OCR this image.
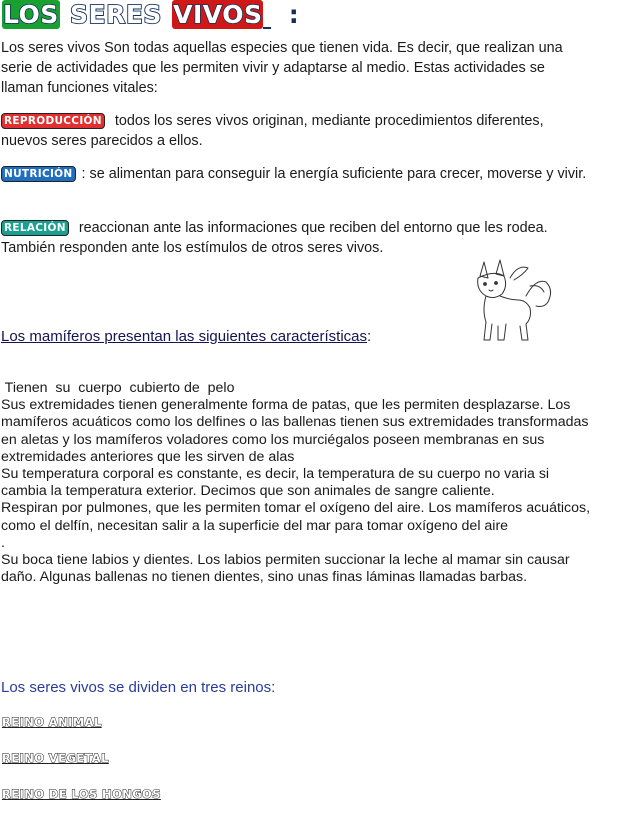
LOS SERES VIVOS :

Los seres vivos Son todas aquellas especies que tienen vida. Es decir, que realizan una serie de actividades que les permiten vivir y adaptarse al medio. Estas actividades se llaman funciones vitales:

REPRODUCCIÓN todos los seres vivos originan, mediante procedimientos diferentes, nuevos seres parecidos a ellos.

NUTRICIÓN : se alimentan para conseguir la energía suficiente para crecer, moverse y vivir.

RELACIÓN reaccionan ante las informaciones que reciben del entorno que les rodea. También responden ante los estímulos de otros seres vivos.

Los mamíferos presentan las siguientes características:
Tienen  su  cuerpo  cubierto de  pelo
Sus extremidades tienen generalmente forma de patas, que les permiten desplazarse. Los mamíferos acuáticos como los delfines o las ballenas tienen sus extremidades transformadas en aletas y los mamíferos voladores como los murciégalos poseen membranas en sus extremidades anteriores que les sirven de alas
Su temperatura corporal es constante, es decir, la temperatura de su cuerpo no varia si cambia la temperatura exterior. Decimos que son animales de sangre caliente.
Respiran por pulmones, que les permiten tomar el oxígeno del aire. Los mamíferos acuáticos, como el delfín, necesitan salir a la superficie del mar para tomar oxígeno del aire
.
Su boca tiene labios y dientes. Los labios permiten succionar la leche al mamar sin causar daño. Algunas ballenas no tienen dientes, sino unas finas láminas llamadas barbas.
Los seres vivos se dividen en tres reinos:
REINO ANIMAL
REINO VEGETAL
REINO DE LOS HONGOS
